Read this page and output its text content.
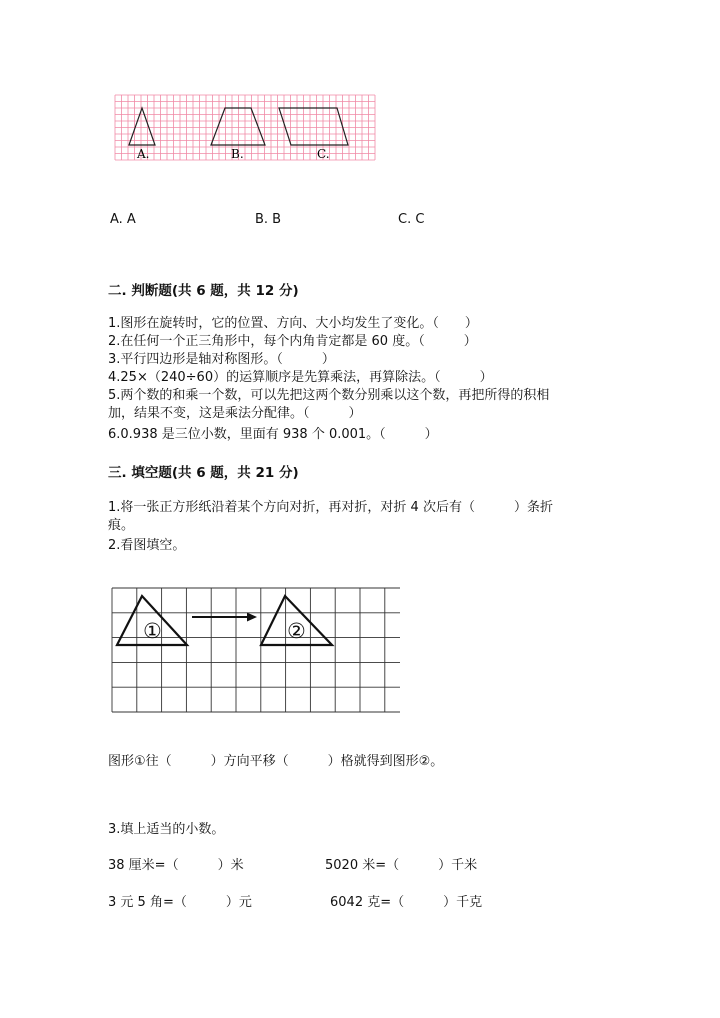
A.	B.	C.
A. A	B. B	C. C
二. 判断题(共 6 题，共 12 分)
1.图形在旋转时，它的位置、方向、大小均发生了变化。（　　）
2.在任何一个正三角形中，每个内角肯定都是 60 度。（　　　）
3.平行四边形是轴对称图形。（　　　）
4.25×（240÷60）的运算顺序是先算乘法，再算除法。（　　　）
5.两个数的和乘一个数，可以先把这两个数分别乘以这个数，再把所得的积相
加，结果不变，这是乘法分配律。（　　　）
6.0.938 是三位小数，里面有 938 个 0.001。（　　　）
三. 填空题(共 6 题，共 21 分)
1.将一张正方形纸沿着某个方向对折，再对折，对折 4 次后有（　　　）条折
痕。
2.看图填空。
①	②
图形①往（　　　）方向平移（　　　）格就得到图形②。
3.填上适当的小数。
38 厘米=（　　　）米	5020 米=（　　　）千米
3 元 5 角=（　　　）元	6042 克=（　　　）千克
